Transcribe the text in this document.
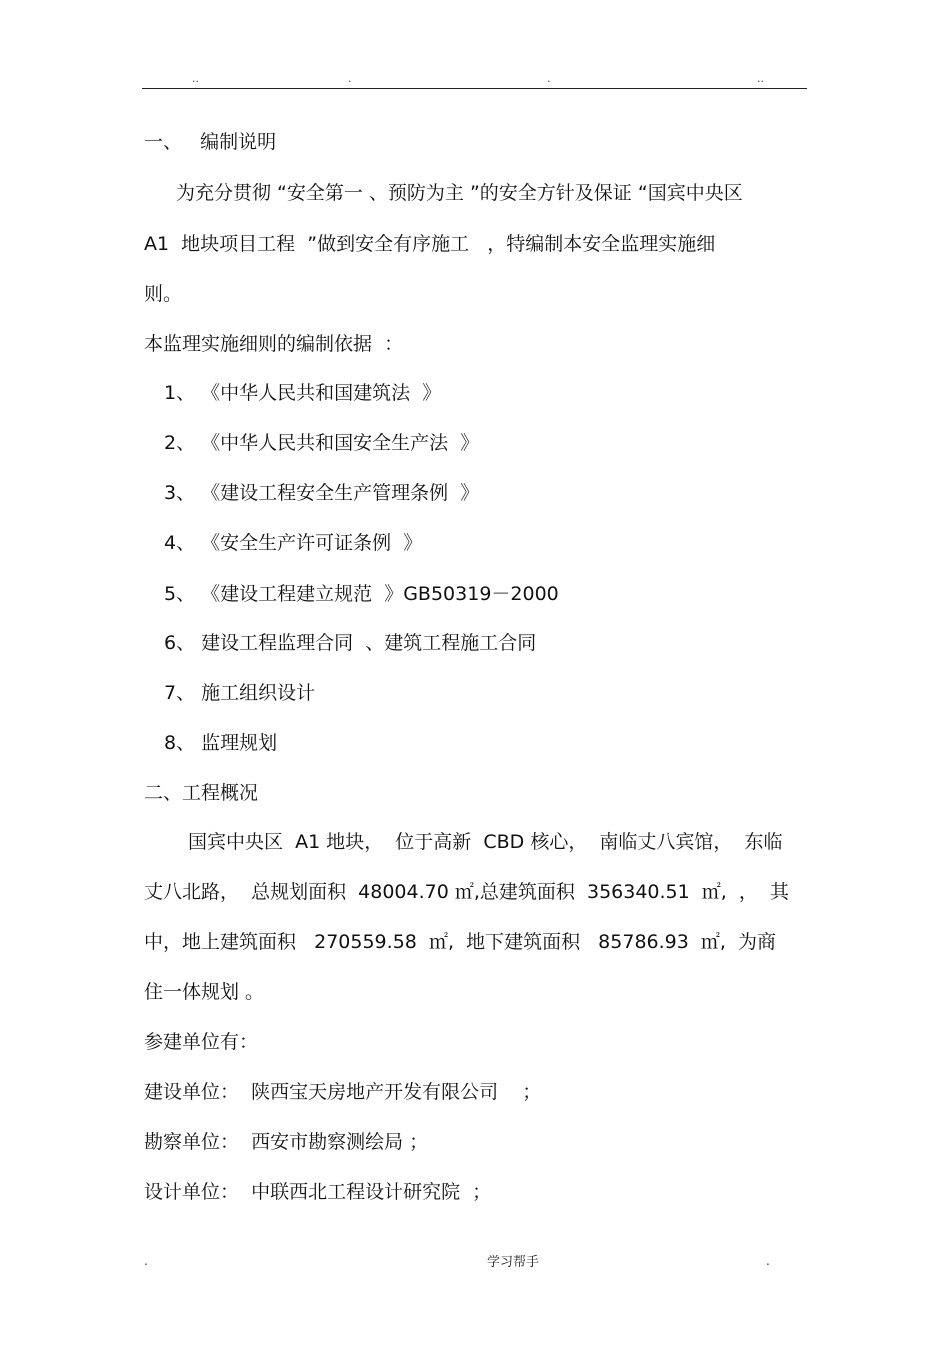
..	.	.	..
一、   编制说明
为充分贯彻 “安全第一 、预防为主 ”的安全方针及保证 “国宾中央区
A1  地块项目工程  ”做到安全有序施工   ，特编制本安全监理实施细
则。
本监理实施细则的编制依据  ：
1、 《中华人民共和国建筑法  》
2、 《中华人民共和国安全生产法  》
3、 《建设工程安全生产管理条例  》
4、 《安全生产许可证条例  》
5、 《建设工程建立规范  》GB50319－2000
6、 建设工程监理合同  、建筑工程施工合同
7、 施工组织设计
8、 监理规划
二、工程概况
国宾中央区  A1 地块，  位于高新  CBD 核心，  南临丈八宾馆，  东临
丈八北路，  总规划面积  48004.70 ㎡,总建筑面积  356340.51  ㎡,  ，  其
中，地上建筑面积   270559.58  ㎡,  地下建筑面积   85786.93  ㎡,  为商
住一体规划 。
参建单位有：
建设单位：  陕西宝天房地产开发有限公司    ；
勘察单位：  西安市勘察测绘局 ；
设计单位：  中联西北工程设计研究院  ；
.	学习帮手	.
